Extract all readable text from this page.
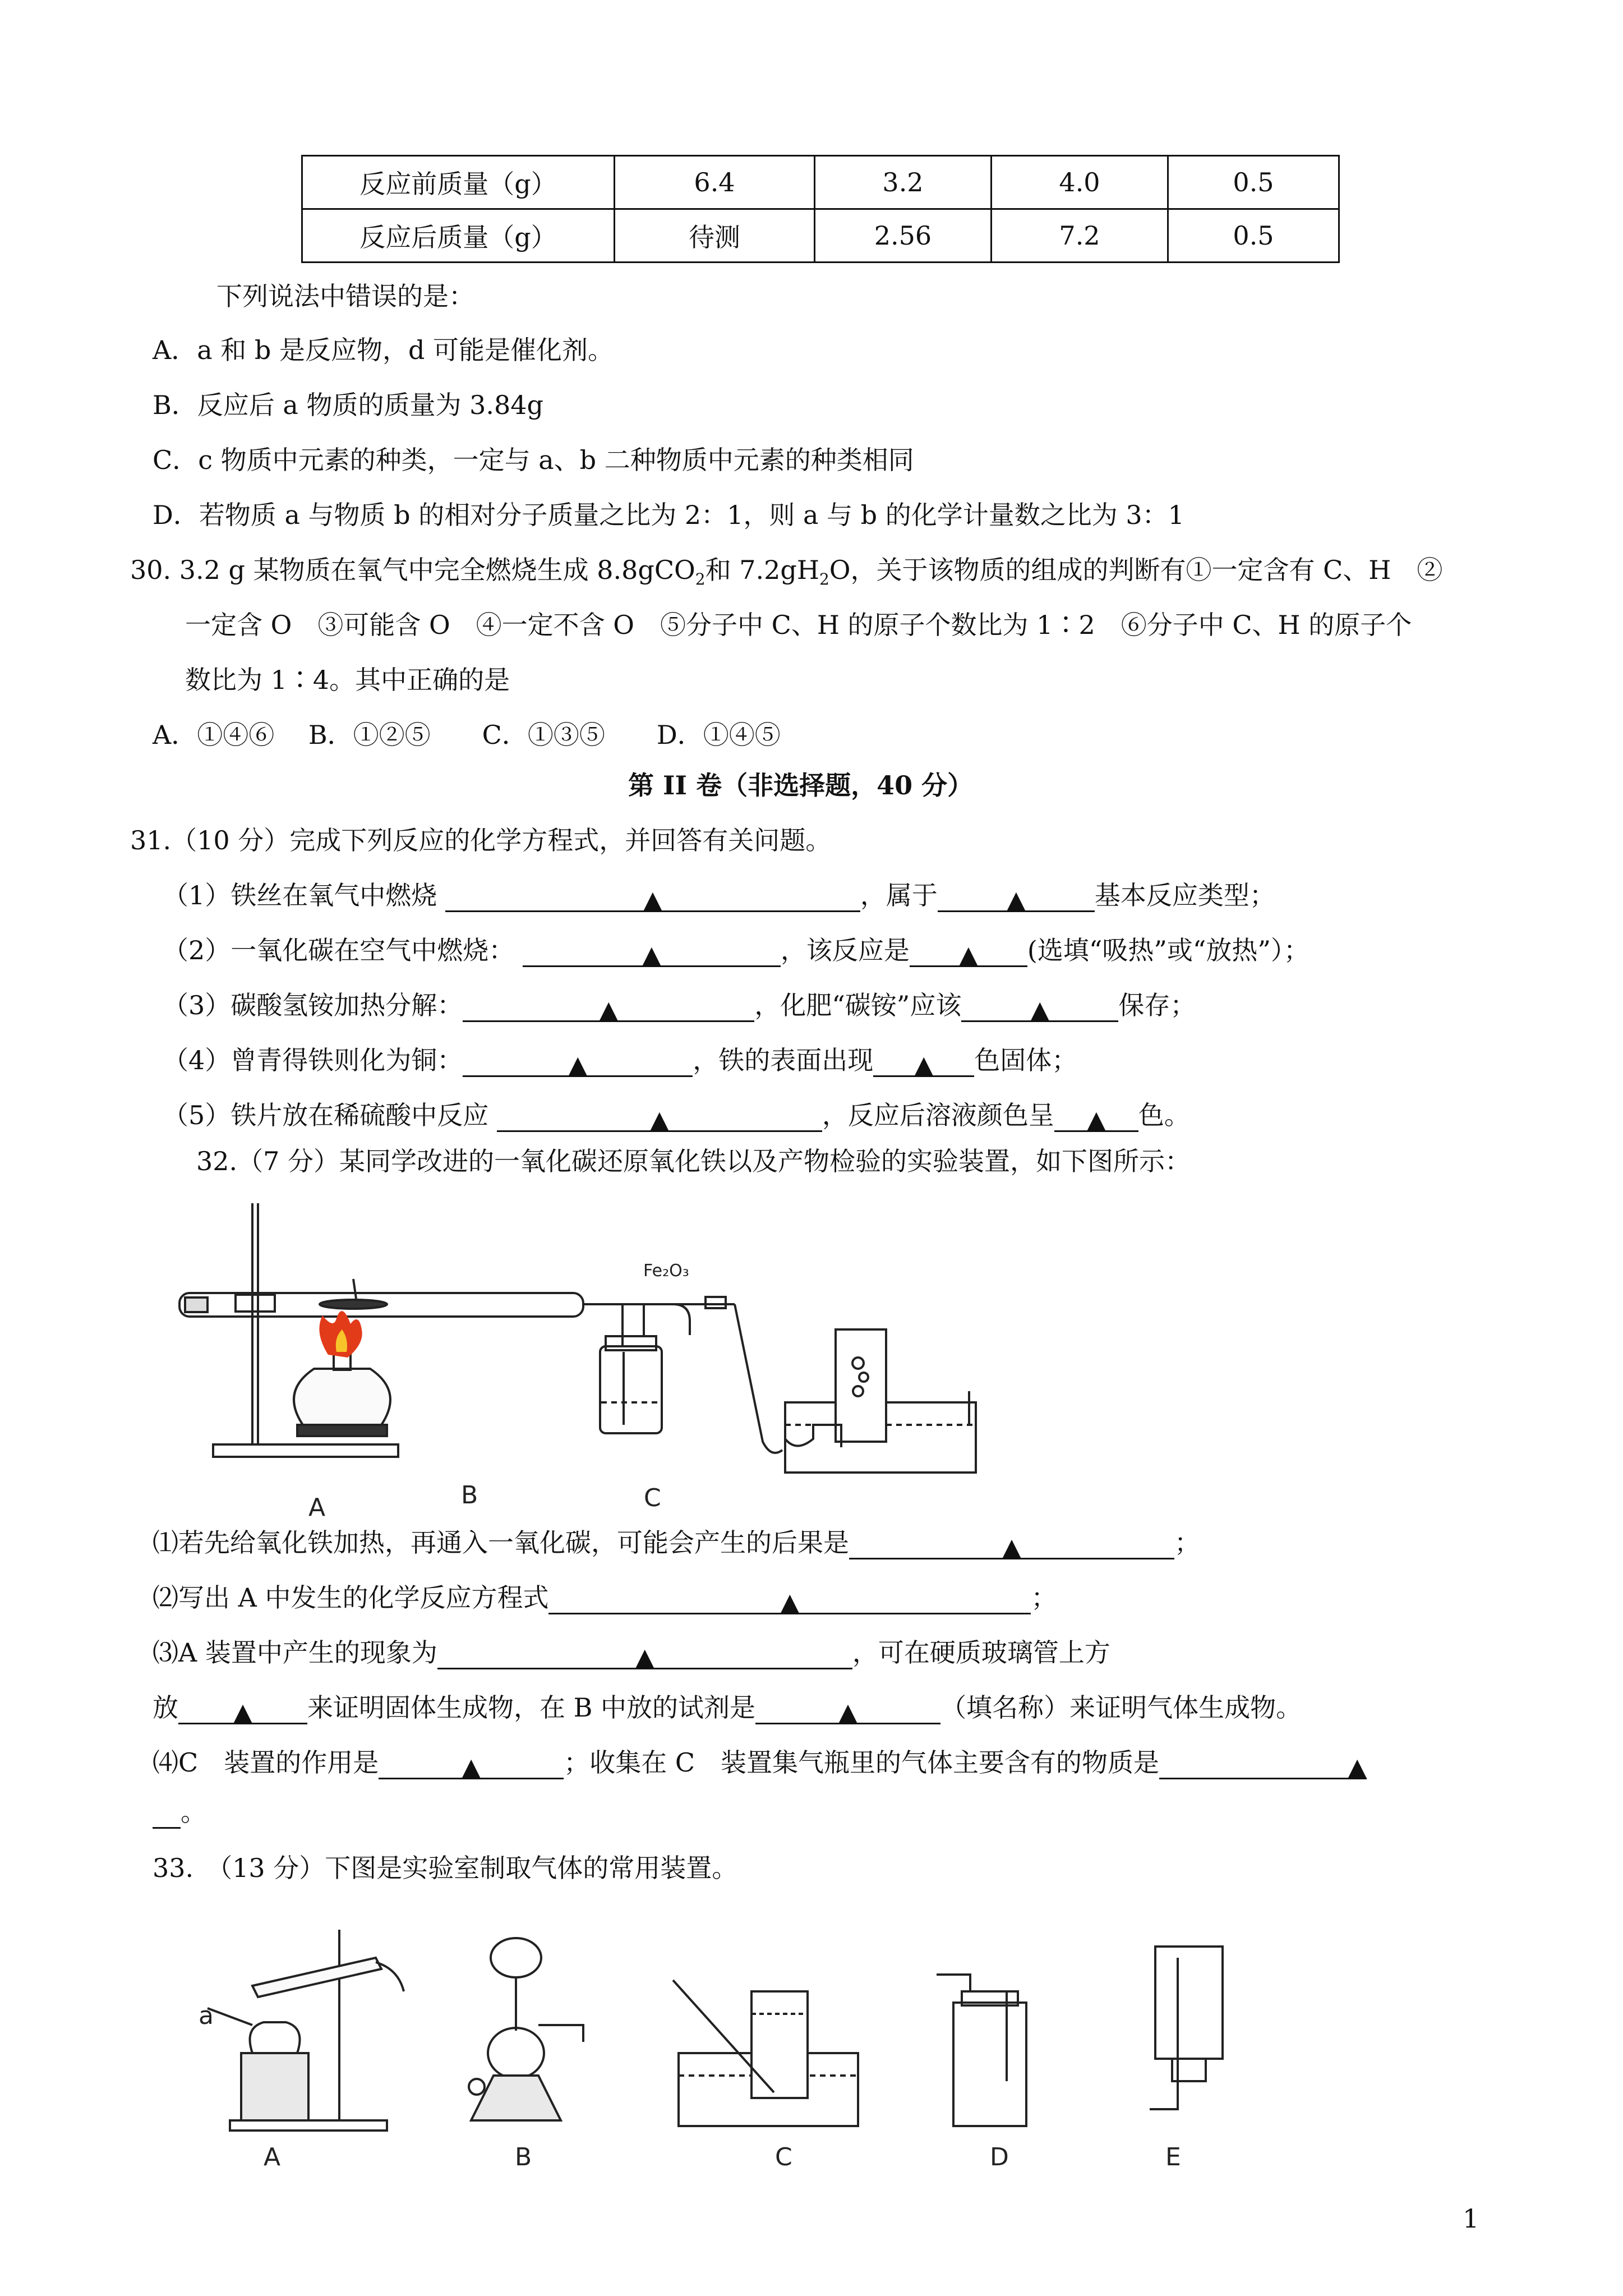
反应前质量（g）	6.4	3.2	4.0	0.5
反应后质量（g）	待测	2.56	7.2	0.5
下列说法中错误的是：
A．a 和 b 是反应物，d 可能是催化剂。
B．反应后 a 物质的质量为 3.84g
C．c 物质中元素的种类，一定与 a、b 二种物质中元素的种类相同
D．若物质 a 与物质 b 的相对分子质量之比为 2：1，则 a 与 b 的化学计量数之比为 3：1
30. 3.2 g 某物质在氧气中完全燃烧生成 8.8gCO$_2$和 $7.2gH_2O$，关于该物质的组成的判断有①一定含有 C、H　②
一定含 O　③可能含 O　④一定不含 O　⑤分子中 C、H 的原子个数比为 1∶2　⑥分子中 C、H 的原子个
数比为 1∶4。其中正确的是
A．①④⑥　 B．①②⑤　　C．①③⑤　　D．①④⑤
第 II 卷（非选择题，40 分）
31.（10 分）完成下列反应的化学方程式，并回答有关问题。
（1）铁丝在氧气中燃烧	▲	，属于	▲	基本反应类型；
（2）一氧化碳在空气中燃烧：	▲	，该反应是 ▲ (选填“吸热”或“放热”）；
（3）碳酸氢铵加热分解：	▲	，化肥“碳铵”应该	▲	保存；
（4）曾青得铁则化为铜：	▲	，铁的表面出现 ▲ 色固体；
（5）铁片放在稀硫酸中反应	▲	，反应后溶液颜色呈 ▲ 色。
32.（7 分）某同学改进的一氧化碳还原氧化铁以及产物检验的实验装置，如下图所示：
Fe₂O₃
A	B	C
⑴若先给氧化铁加热，再通入一氧化碳，可能会产生的后果是	▲	；
⑵写出 A 中发生的化学反应方程式	▲	；
⑶A 装置中产生的现象为	▲	，可在硬质玻璃管上方
放 ▲ 来证明固体生成物，在 B 中放的试剂是	▲	（填名称）来证明气体生成物。
⑷C　装置的作用是	▲	；收集在 C　装置集气瓶里的气体主要含有的物质是	▲
。
33.　（13 分）下图是实验室制取气体的常用装置。
a
A	B	C	D	E
1
